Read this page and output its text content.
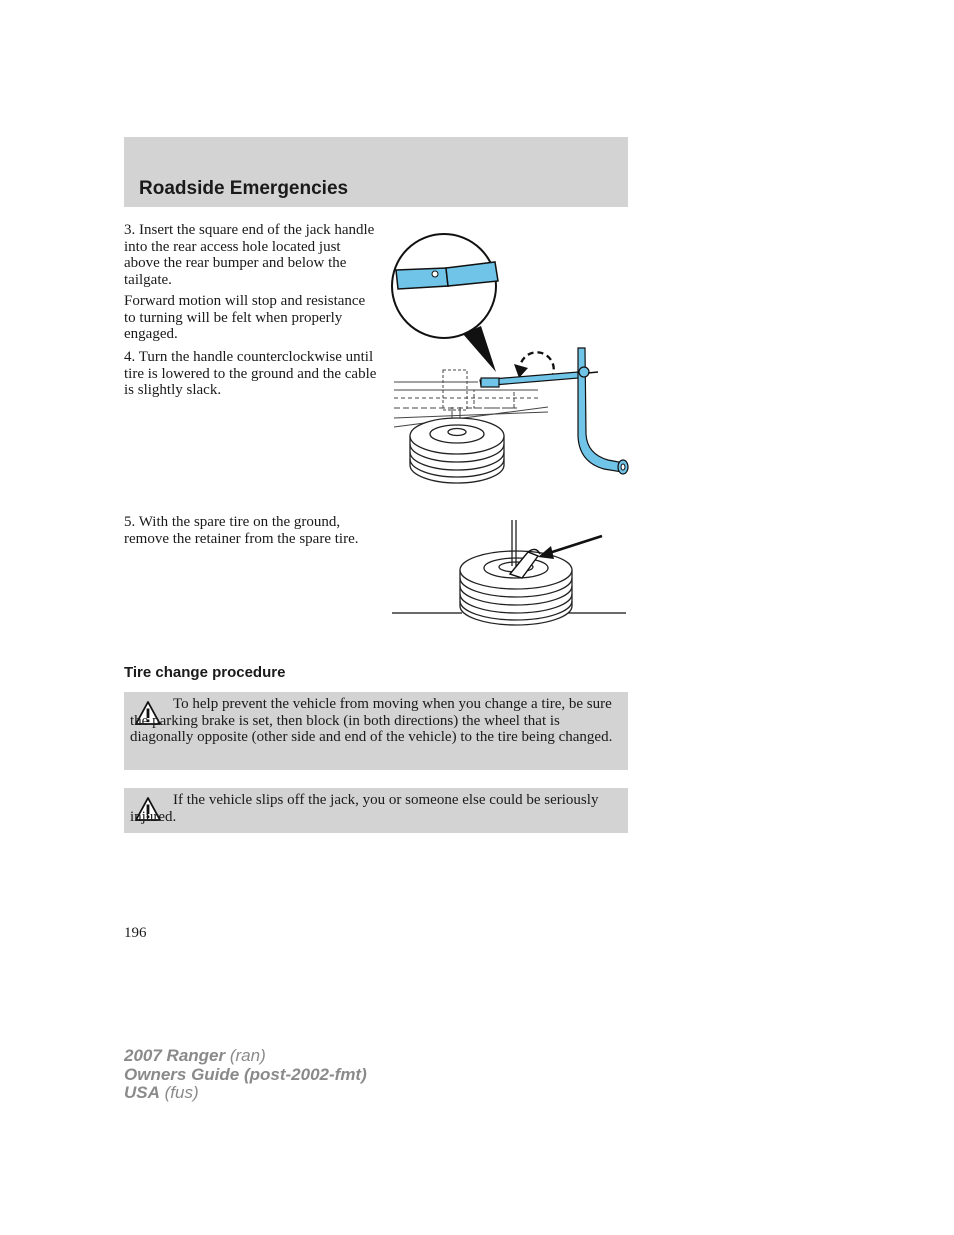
Roadside Emergencies

3. Insert the square end of the jack handle into the rear access hole located just above the rear bumper and below the tailgate.

Forward motion will stop and resistance to turning will be felt when properly engaged.

4. Turn the handle counterclockwise until tire is lowered to the ground and the cable is slightly slack.

5. With the spare tire on the ground, remove the retainer from the spare tire.

Tire change procedure
To help prevent the vehicle from moving when you change a tire, be sure the parking brake is set, then block (in both directions) the wheel that is diagonally opposite (other side and end of the vehicle) to the tire being changed.
If the vehicle slips off the jack, you or someone else could be seriously injured.
196
2007 Ranger (ran)
Owners Guide (post-2002-fmt)
USA (fus)
